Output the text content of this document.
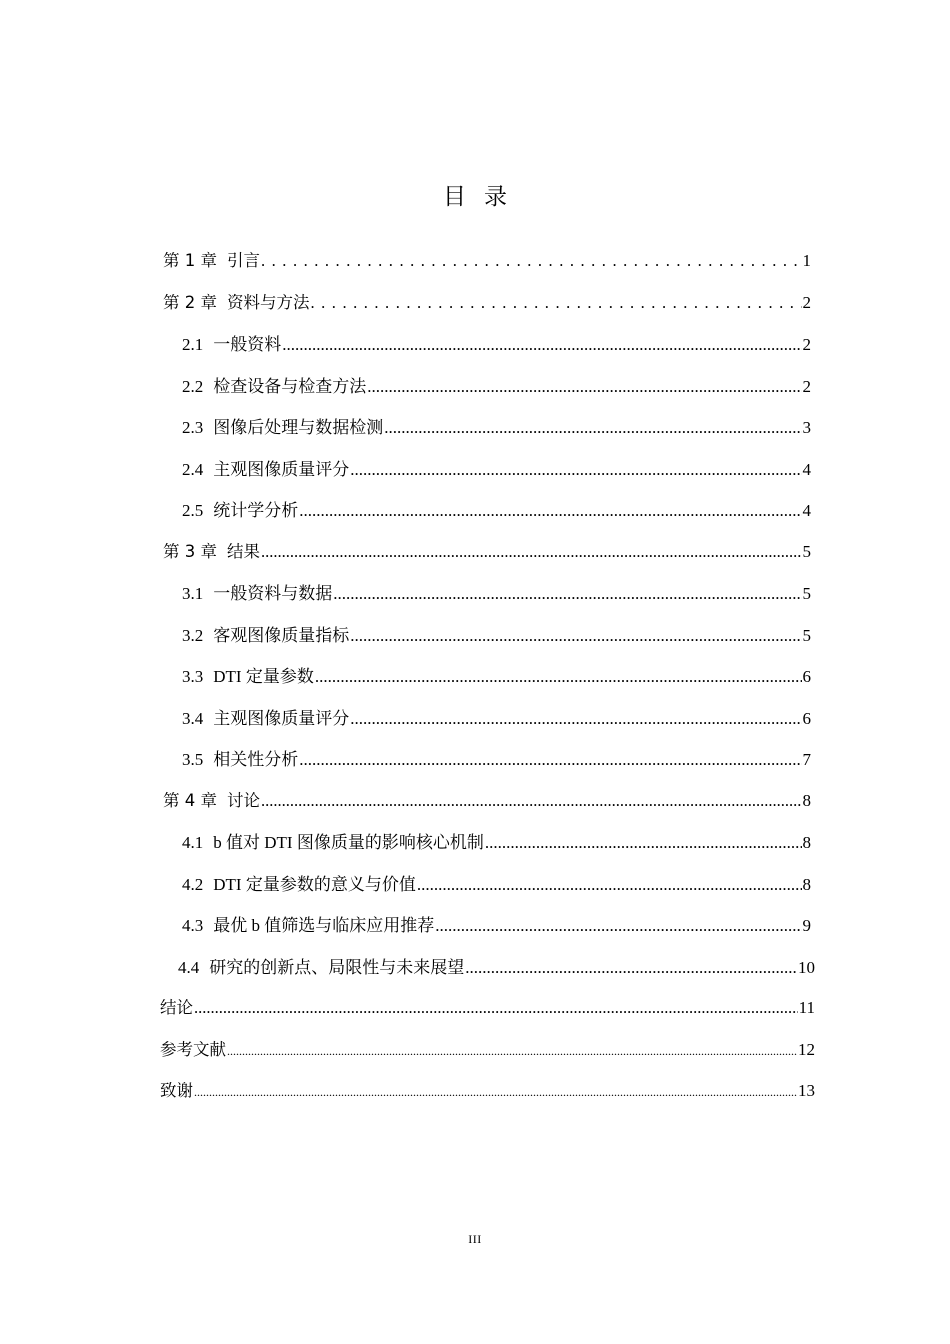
目录
第 1 章 引言 . . .	1
第 2 章 资料与方法 . . .	2
2.1 一般资料 .....	2
2.2 检查设备与检查方法 .....	2
2.3 图像后处理与数据检测 .....	3
2.4 主观图像质量评分 .....	4
2.5 统计学分析 .....	4
第 3 章 结果 .....	5
3.1 一般资料与数据 .....	5
3.2 客观图像质量指标 .....	5
3.3 DTI 定量参数 .....	6
3.4 主观图像质量评分 .....	6
3.5 相关性分析 .....	7
第 4 章 讨论 .....	8
4.1 b 值对 DTI 图像质量的影响核心机制 .....	8
4.2 DTI 定量参数的意义与价值 .....	8
4.3 最优 b 值筛选与临床应用推荐 .....	9
4.4 研究的创新点、局限性与未来展望 .....	10
结论 .....	11
参考文献 .....	12
致谢 .....	13
III
